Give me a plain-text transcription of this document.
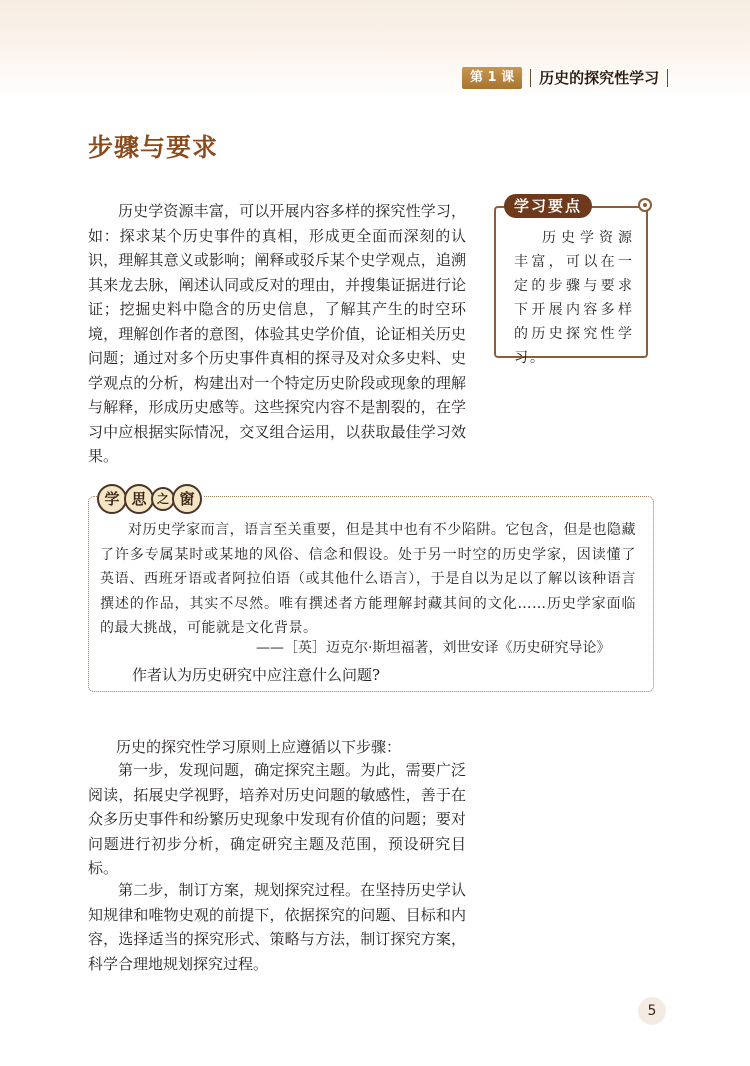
第 1 课	历史的探究性学习
步骤与要求

历史学资源丰富，可以开展内容多样的探究性学习，如：探求某个历史事件的真相，形成更全面而深刻的认识，理解其意义或影响；阐释或驳斥某个史学观点，追溯其来龙去脉，阐述认同或反对的理由，并搜集证据进行论证；挖掘史料中隐含的历史信息，了解其产生的时空环境，理解创作者的意图，体验其史学价值，论证相关历史问题；通过对多个历史事件真相的探寻及对众多史料、史学观点的分析，构建出对一个特定历史阶段或现象的理解与解释，形成历史感等。这些探究内容不是割裂的，在学习中应根据实际情况，交叉组合运用，以获取最佳学习效果。

学习要点

历史学资源丰富，可以在一定的步骤与要求下开展内容多样的历史探究性学习。

学 思 之 窗

对历史学家而言，语言至关重要，但是其中也有不少陷阱。它包含，但是也隐藏了许多专属某时或某地的风俗、信念和假设。处于另一时空的历史学家，因读懂了英语、西班牙语或者阿拉伯语（或其他什么语言），于是自以为足以了解以该种语言撰述的作品，其实不尽然。唯有撰述者方能理解封藏其间的文化……历史学家面临的最大挑战，可能就是文化背景。

——［英］迈克尔·斯坦福著，刘世安译《历史研究导论》

作者认为历史研究中应注意什么问题?

历史的探究性学习原则上应遵循以下步骤：

第一步，发现问题，确定探究主题。为此，需要广泛阅读，拓展史学视野，培养对历史问题的敏感性，善于在众多历史事件和纷繁历史现象中发现有价值的问题；要对问题进行初步分析，确定研究主题及范围，预设研究目标。

第二步，制订方案，规划探究过程。在坚持历史学认知规律和唯物史观的前提下，依据探究的问题、目标和内容，选择适当的探究形式、策略与方法，制订探究方案，科学合理地规划探究过程。

5
